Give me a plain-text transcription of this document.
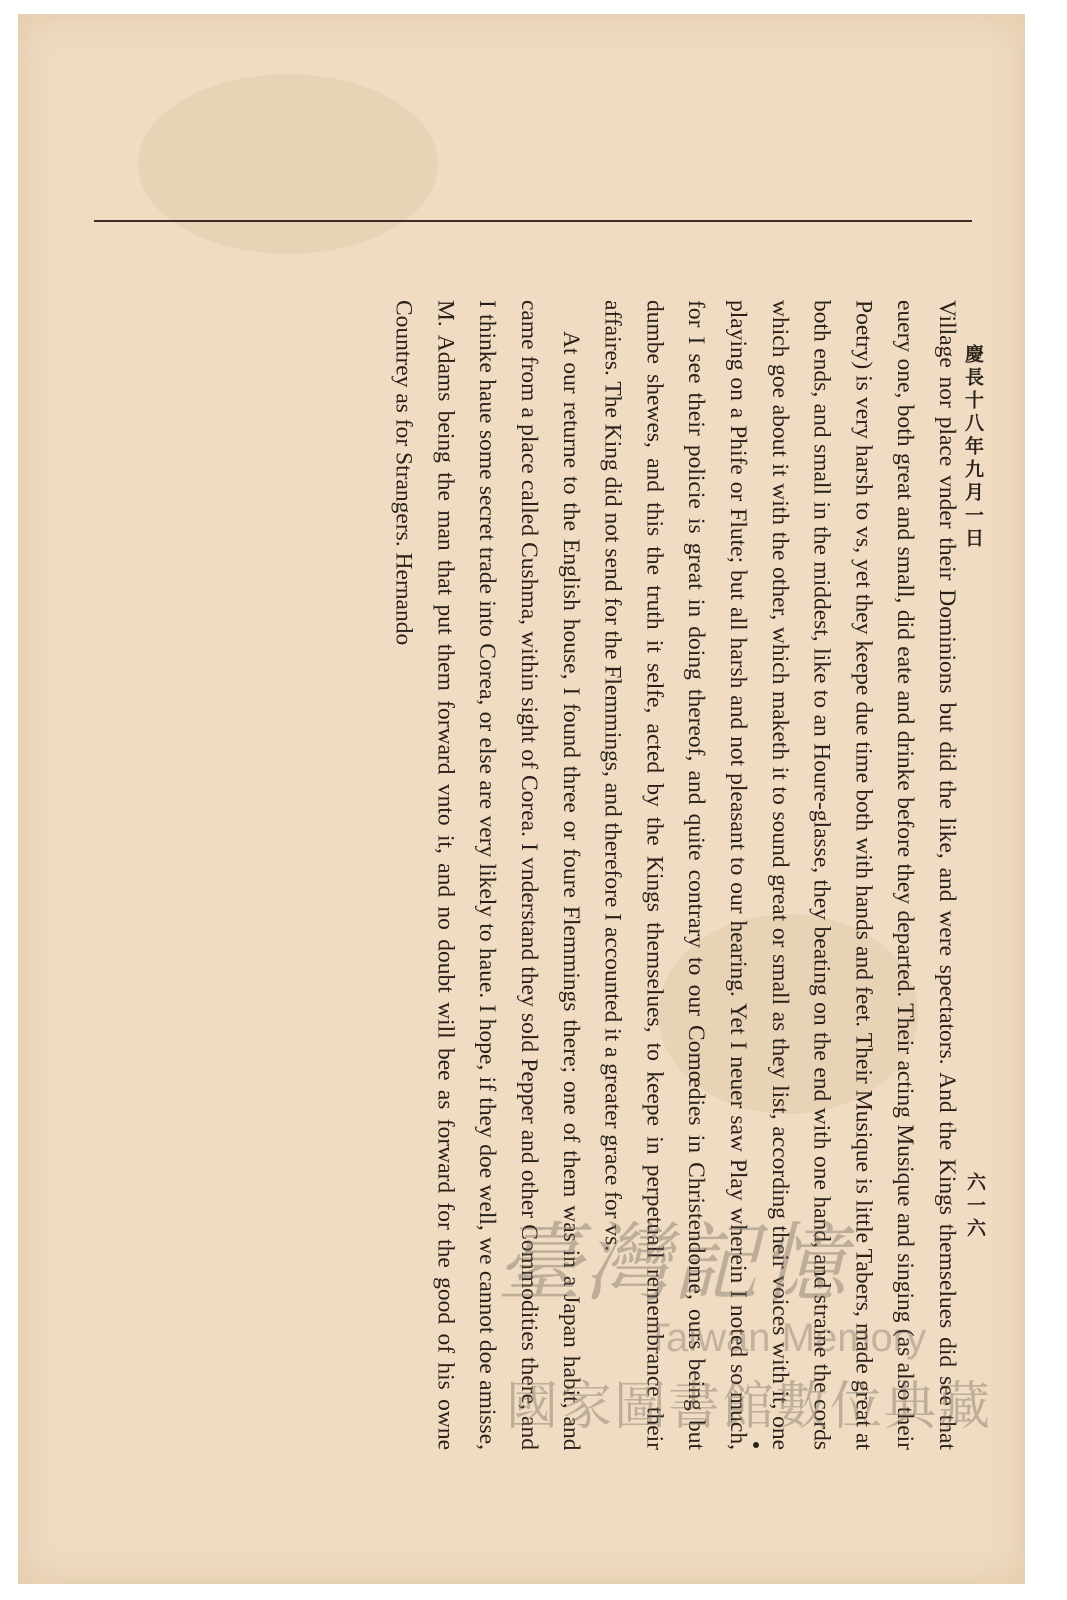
慶長十八年九月一日
六一六

Village nor place vnder their Dominions but did the like, and were spectators. And the Kings themselues did see that euery one, both great and small, did eate and drinke before they departed. Their acting Musique and singing (as also their Poetry) is very harsh to vs, yet they keepe due time both with hands and feet. Their Musique is little Tabers, made great at both ends, and small in the middest, like to an Houre-glasse, they beating on the end with one hand, and straine the cords which goe about it with the other, which maketh it to sound great or small as they list, according their voices with it, one playing on a Phife or Flute; but all harsh and not pleasant to our hearing. Yet I neuer saw Play wherein I noted so much, for I see their policie is great in doing thereof, and quite contrary to our Comœdies in Christendome, ours being but dumbe shewes, and this the truth it selfe, acted by the Kings themselues, to keepe in perpetuall remembrance their affaires. The King did not send for the Flemmings, and therefore I accounted it a greater grace for vs.

At our returne to the English house, I found three or foure Flemmings there; one of them was in a Japan habit, and came from a place called Cushma, within sight of Corea. I vnderstand they sold Pepper and other Commodities there, and I thinke haue some secret trade into Corea, or else are very likely to haue. I hope, if they doe well, we cannot doe amisse, M. Adams being the man that put them forward vnto it, and no doubt will bee as forward for the good of his owne Countrey as for Strangers. Hernando

臺灣記憶
Taiwan Memory
國家圖書館數位典藏
